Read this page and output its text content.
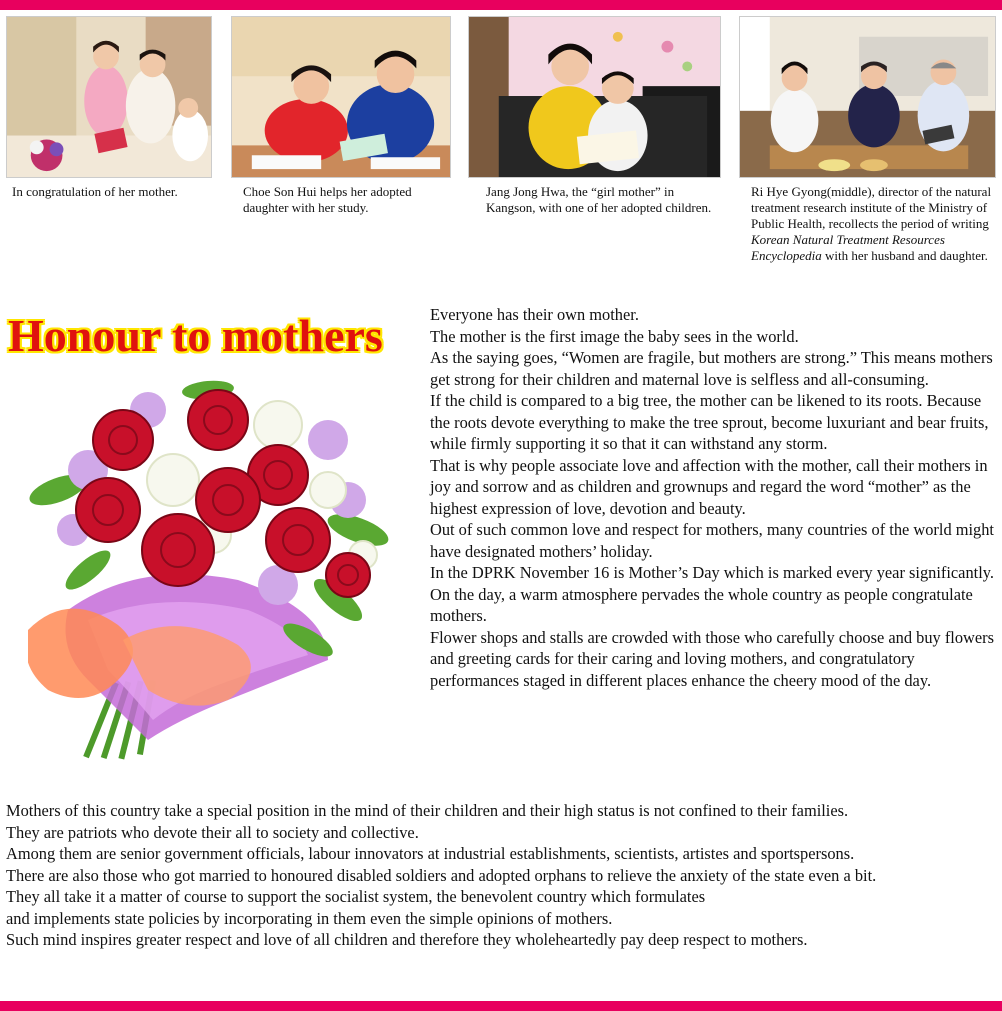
In congratulation of her mother.	Choe Son Hui helps her adopted daughter with her study.
Jang Jong Hwa, the “girl mother” in Kangson, with one of her adopted children.
Ri Hye Gyong(middle), director of the natural treatment research institute of the Ministry of Public Health, recollects the period of writing Korean Natural Treatment Resources Encyclopedia with her husband and daughter.
Honour to mothers	Everyone has their own mother.

The mother is the first image the baby sees in the world.

As the saying goes, “Women are fragile, but mothers are strong.” This means mothers get strong for their children and maternal love is selfless and all-consuming.

If the child is compared to a big tree, the mother can be likened to its roots. Because the roots devote everything to make the tree sprout, become luxuriant and bear fruits, while firmly supporting it so that it can withstand any storm.

That is why people associate love and affection with the mother, call their mothers in joy and sorrow and as children and grownups and regard the word “mother” as the highest expression of love, devotion and beauty.

Out of such common love and respect for mothers, many countries of the world might have designated mothers’ holiday.

In the DPRK November 16 is Mother’s Day which is marked every year significantly.

On the day, a warm atmosphere pervades the whole country as people congratulate mothers.

Flower shops and stalls are crowded with those who carefully choose and buy flowers and greeting cards for their caring and loving mothers, and congratulatory performances staged in different places enhance the cheery mood of the day.

Mothers of this country take a special position in the mind of their children and their high status is not confined to their families.

They are patriots who devote their all to society and collective.

Among them are senior government officials, labour innovators at industrial establishments, scientists, artistes and sportspersons.

There are also those who got married to honoured disabled soldiers and adopted orphans to relieve the anxiety of the state even a bit.

They all take it a matter of course to support the socialist system, the benevolent country which formulates

and implements state policies by incorporating in them even the simple opinions of mothers.

Such mind inspires greater respect and love of all children and therefore they wholeheartedly pay deep respect to mothers.
